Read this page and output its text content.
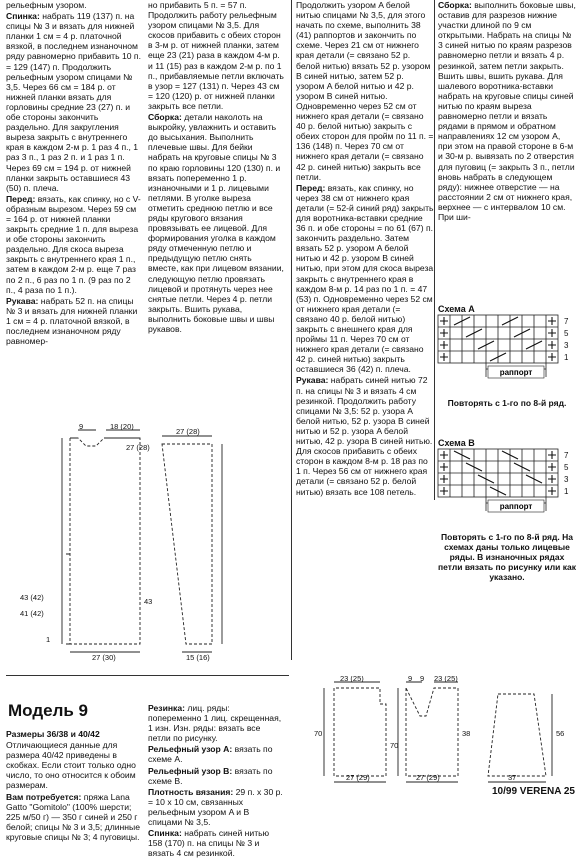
рельефным узором.

Спинка: набрать 119 (137) п. на спицы № 3 и вязать для нижней планки 1 см = 4 р. платочной вязкой, в последнем изнаночном ряду равномерно прибавить 10 п. = 129 (147) п. Продолжить рельефным узором спицами № 3,5. Через 66 см = 184 р. от нижней планки вязать для горловины средние 23 (27) п. и обе стороны закончить раздельно. Для закругления выреза закрыть с внутреннего края в каждом 2-м р. 1 раз 4 п., 1 раз 3 п., 1 раз 2 п. и 1 раз 1 п. Через 69 см = 194 р. от нижней планки закрыть оставшиеся 43 (50) п. плеча.

Перед: вязать, как спинку, но с V-образным вырезом. Через 59 см = 164 р. от нижней планки закрыть средние 1 п. для выреза и обе стороны закончить раздельно. Для скоса выреза закрыть с внутреннего края 1 п., затем в каждом 2-м р. еще 7 раз по 2 п., 6 раз по 1 п. (9 раз по 2 п., 4 раза по 1 п.).

Рукава: набрать 52 п. на спицы № 3 и вязать для нижней планки 1 см = 4 р. платочной вязкой, в последнем изнаночном ряду равномер-

но прибавить 5 п. = 57 п. Продолжить работу рельефным узором спицами № 3,5. Для скосов прибавить с обеих сторон в 3-м р. от нижней планки, затем еще 23 (21) раза в каждом 4-м р. и 11 (15) раз в каждом 2-м р. по 1 п., прибавляемые петли включать в узор = 127 (131) п. Через 43 см = 120 (120) р. от нижней планки закрыть все петли.

Сборка: детали наколоть на выкройку, увлажнить и оставить до высыхания. Выполнить плечевые швы. Для бейки набрать на круговые спицы № 3 по краю горловины 120 (130) п. и вязать попеременно 1 р. изнаночными и 1 р. лицевыми петлями. В уголке выреза отметить среднюю петлю и все ряды кругового вязания провязывать ее лицевой. Для формирования уголка в каждом ряду отмеченную петлю и предыдущую петлю снять вместе, как при лицевом вязании, следующую петлю провязать лицевой и протянуть через нее снятые петли. Через 4 р. петли закрыть. Вшить рукава, выполнить боковые швы и швы рукавов.

Продолжить узором A белой нитью спицами № 3,5, для этого начать по схеме, выполнить 38 (41) раппортов и закончить по схеме. Через 21 см от нижнего края детали (= связано 52 р. белой нитью) вязать 52 р. узором B синей нитью, затем 52 р. узором A белой нитью и 42 р. узором B синей нитью. Одновременно через 52 см от нижнего края детали (= связано 40 р. белой нитью) закрыть с обеих сторон для пройм по 11 п. = 136 (148) п. Через 70 см от нижнего края детали (= связано 42 р. синей нитью) закрыть все петли.

Перед: вязать, как спинку, но через 38 см от нижнего края детали (= 52-й синий ряд) закрыть для воротника-вставки средние 36 п. и обе стороны = по 61 (67) п. закончить раздельно. Затем вязать 52 р. узором A белой нитью и 42 р. узором B синей нитью, при этом для скоса выреза закрыть с внутреннего края в каждом 8-м р. 14 раз по 1 п. = 47 (53) п. Одновременно через 52 см от нижнего края детали (= связано 40 р. белой нитью) закрыть с внешнего края для проймы 11 п. Через 70 см от нижнего края детали (= связано 42 р. синей нитью) закрыть оставшиеся 36 (42) п. плеча.

Рукава: набрать синей нитью 72 п. на спицы № 3 и вязать 4 см резинкой. Продолжить работу спицами № 3,5: 52 р. узора A белой нитью, 52 р. узора B синей нитью и 52 р. узора A белой нитью, 42 р. узора B синей нитью. Для скосов прибавить с обеих сторон в каждом 8-м р. 18 раз по 1 п. Через 56 см от нижнего края детали (= связано 52 р. белой нитью) вязать все 108 петель.

Сборка: выполнить боковые швы, оставив для разрезов нижние участки длиной по 9 см открытыми. Набрать на спицы № 3 синей нитью по краям разрезов равномерно петли и вязать 4 р. резинкой, затем петли закрыть. Вшить швы, вшить рукава. Для шалевого воротника-вставки набрать на круговые спицы синей нитью по краям выреза равномерно петли и вязать рядами в прямом и обратном направлениях 12 см узором A, при этом на правой стороне в 6-м и 30-м р. вывязать по 2 отверстия для пуговиц (= закрыть 3 п., петли вновь набрать в следующем ряду): нижнее отверстие — на расстоянии 2 см от нижнего края, верхнее — с интервалом 10 см. При ши-

Схема A
7
5
3
1
раппорт
Повторять с 1-го по 8-й ряд.
Схема B
7
5
3
1
раппорт
Повторять с 1-го по 8-й ряд. На схемах даны только лицевые ряды. В изнаночных рядах петли вязать по рисунку или как указано.
9	18 (20)
27 (28)
43 (42)
41 (42)
1
43
27 (30)
27 (28)
15 (16)
Модель 9

Размеры 36/38 и 40/42

Отличающиеся данные для размера 40/42 приведены в скобках. Если стоит только одно число, то оно относится к обоим размерам.

Вам потребуется: пряжа Lana Gatto "Gomitolo" (100% шерсти; 225 м/50 г) — 350 г синей и 250 г белой; спицы № 3 и 3,5; длинные круговые спицы № 3; 4 пуговицы.

Резинка: лиц. ряды: попеременно 1 лиц. скрещенная, 1 изн. Изн. ряды: вязать все петли по рисунку.

Рельефный узор A: вязать по схеме A.

Рельефный узор B: вязать по схеме B.

Плотность вязания: 29 п. x 30 р. = 10 x 10 см, связанных рельефным узором A и B спицами № 3,5.

Спинка: набрать синей нитью 158 (170) п. на спицы № 3 и вязать 4 см резинкой.

23 (25)	9 9 23 (25)
70	38
70
56
27 (29)	27 (29)	37
10/99 VERENA 25
